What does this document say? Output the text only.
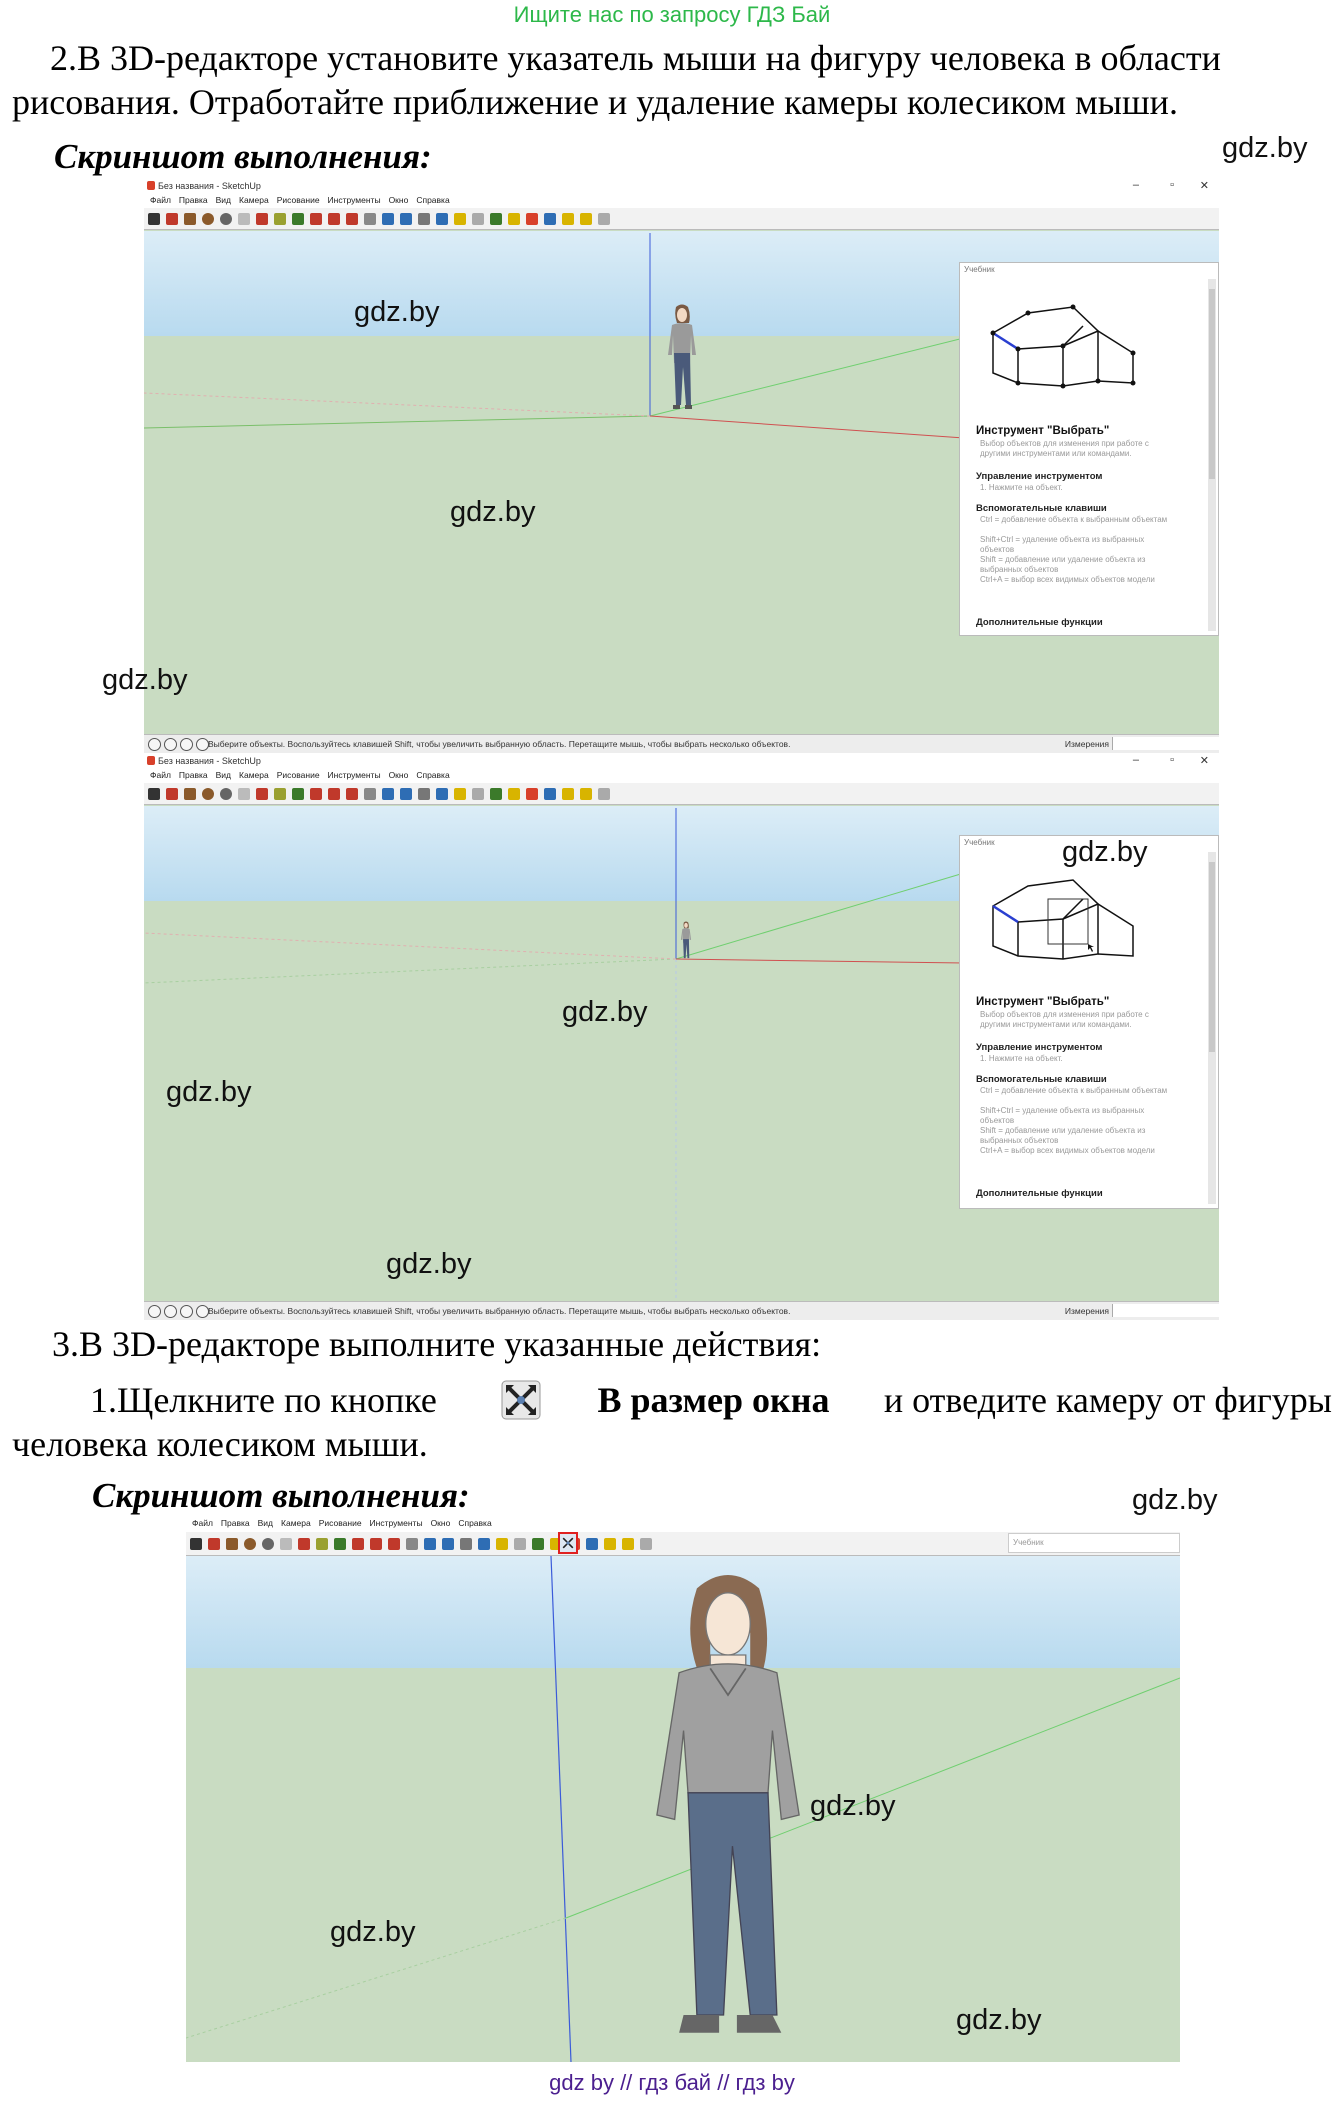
Ищите нас по запросу ГДЗ Бай
2.В 3D-редакторе установите указатель мыши на фигуру человека в области рисования. Отработайте приближение и удаление камеры колесиком мыши.
Скриншот выполнения:
Без названия - SketchUp	–	▫ ✕
Файл Правка Вид Камера Рисование Инструменты Окно Справка
Учебник
Инструмент "Выбрать"
Выбор объектов для изменения при работе с другими инструментами или командами.
Управление инструментом
1. Нажмите на объект.
Вспомогательные клавиши
Ctrl = добавление объекта к выбранным объектам
Shift+Ctrl = удаление объекта из выбранных объектов
Shift = добавление или удаление объекта из выбранных объектов
Ctrl+A = выбор всех видимых объектов модели
Дополнительные функции
Выберите объекты. Воспользуйтесь клавишей Shift, чтобы увеличить выбранную область. Перетащите мышь, чтобы выбрать несколько объектов.	Измерения
Без названия - SketchUp	–	▫ ✕
Файл Правка Вид Камера Рисование Инструменты Окно Справка
Учебник
Инструмент "Выбрать"
Выбор объектов для изменения при работе с другими инструментами или командами.
Управление инструментом
1. Нажмите на объект.
Вспомогательные клавиши
Ctrl = добавление объекта к выбранным объектам
Shift+Ctrl = удаление объекта из выбранных объектов
Shift = добавление или удаление объекта из выбранных объектов
Ctrl+A = выбор всех видимых объектов модели
Дополнительные функции
Выберите объекты. Воспользуйтесь клавишей Shift, чтобы увеличить выбранную область. Перетащите мышь, чтобы выбрать несколько объектов.	Измерения
3.В 3D-редакторе выполните указанные действия:
1.Щелкните по кнопке	В размер окна и отведите камеру от фигуры
человека колесиком мыши.
Скриншот выполнения:
Файл Правка Вид Камера Рисование Инструменты Окно Справка
Учебник
gdz.by
gdz.by
gdz.by
gdz.by
gdz.by
gdz.by
gdz.by
gdz.by
gdz.by
gdz.by
gdz.by
gdz.by
gdz by // гдз бай // гдз by
